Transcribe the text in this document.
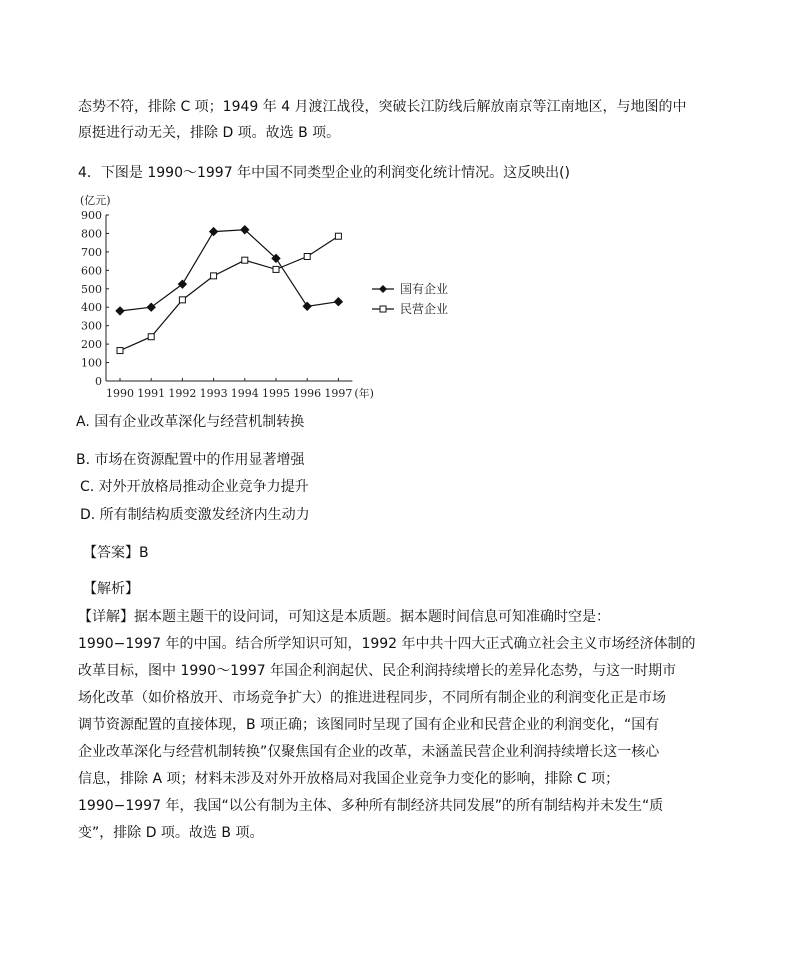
态势不符，排除 C 项；1949 年 4 月渡江战役，突破长江防线后解放南京等江南地区，与地图的中
原挺进行动无关，排除 D 项。故选 B 项。
4．下图是 1990～1997 年中国不同类型企业的利润变化统计情况。这反映出()
(亿元)
0
100
200
300
400
500
600
700
800
900
1990 1991 1992 1993 1994 1995 1996 1997 (年)
国有企业
民营企业
A. 国有企业改革深化与经营机制转换
B. 市场在资源配置中的作用显著增强
C. 对外开放格局推动企业竞争力提升
D. 所有制结构质变激发经济内生动力
【答案】B
【解析】
【详解】据本题主题干的设问词，可知这是本质题。据本题时间信息可知准确时空是：
1990−1997 年的中国。结合所学知识可知，1992 年中共十四大正式确立社会主义市场经济体制的
改革目标，图中 1990～1997 年国企利润起伏、民企利润持续增长的差异化态势，与这一时期市
场化改革（如价格放开、市场竞争扩大）的推进进程同步，不同所有制企业的利润变化正是市场
调节资源配置的直接体现，B 项正确；该图同时呈现了国有企业和民营企业的利润变化，“国有
企业改革深化与经营机制转换”仅聚焦国有企业的改革，未涵盖民营企业利润持续增长这一核心
信息，排除 A 项；材料未涉及对外开放格局对我国企业竞争力变化的影响，排除 C 项；
1990−1997 年，我国“以公有制为主体、多种所有制经济共同发展”的所有制结构并未发生“质
变”，排除 D 项。故选 B 项。
